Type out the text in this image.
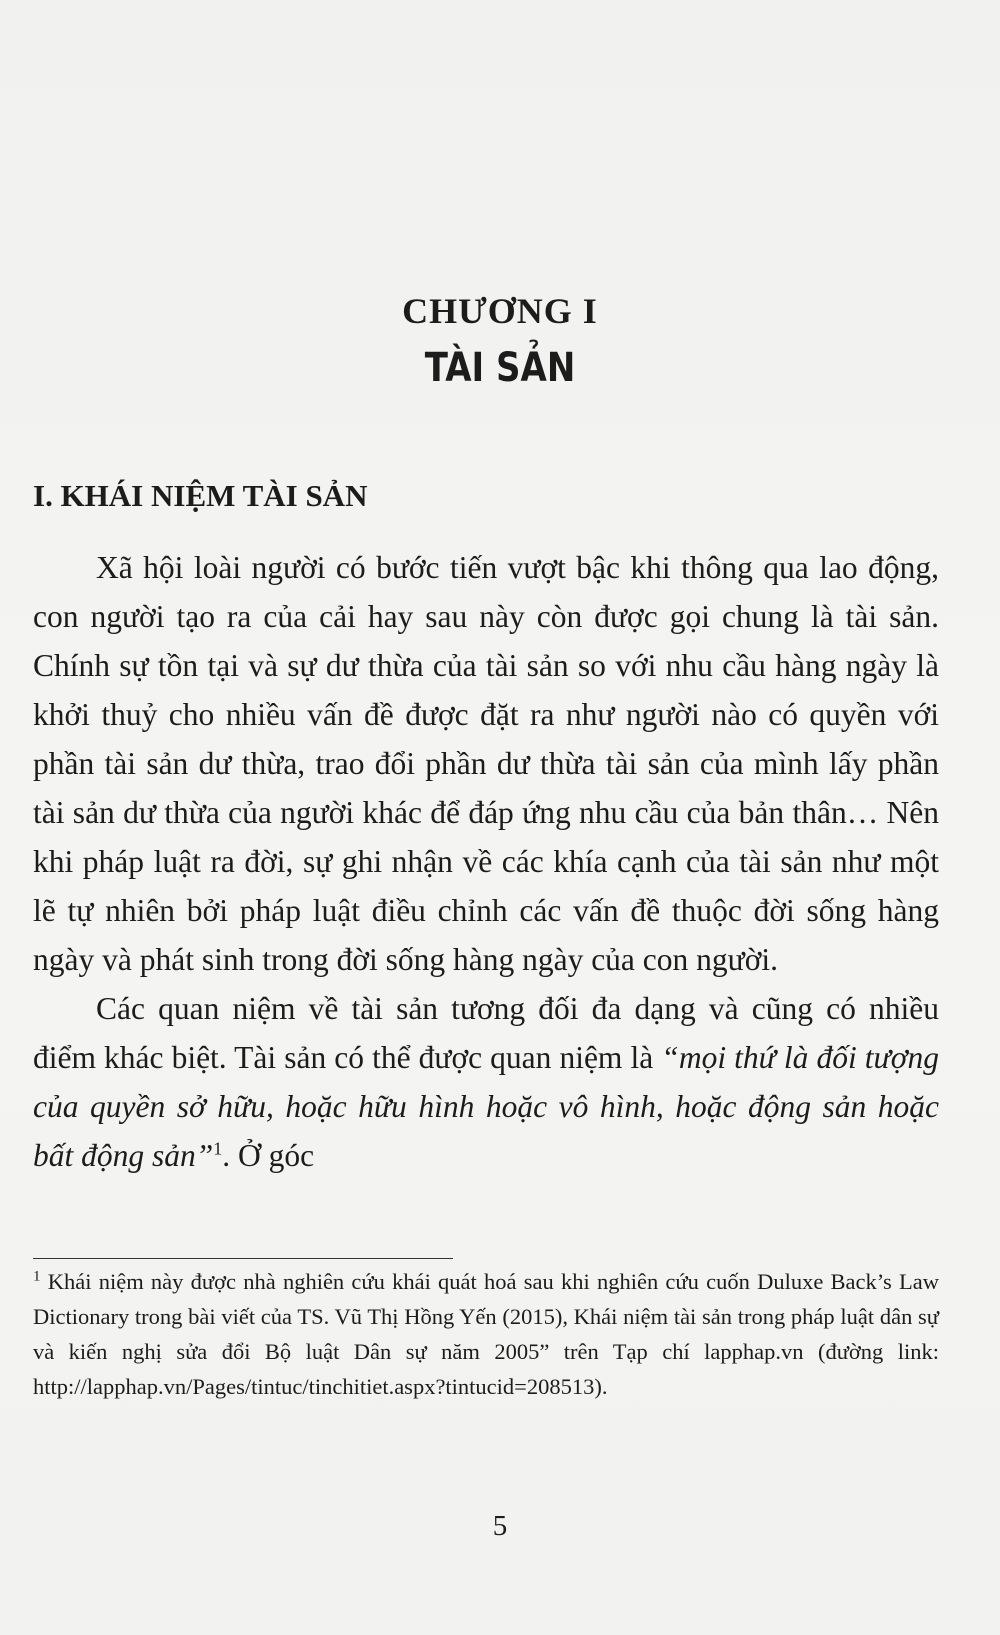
CHƯƠNG I
TÀI SẢN
I. KHÁI NIỆM TÀI SẢN

Xã hội loài người có bước tiến vượt bậc khi thông qua lao động, con người tạo ra của cải hay sau này còn được gọi chung là tài sản. Chính sự tồn tại và sự dư thừa của tài sản so với nhu cầu hàng ngày là khởi thuỷ cho nhiều vấn đề được đặt ra như người nào có quyền với phần tài sản dư thừa, trao đổi phần dư thừa tài sản của mình lấy phần tài sản dư thừa của người khác để đáp ứng nhu cầu của bản thân… Nên khi pháp luật ra đời, sự ghi nhận về các khía cạnh của tài sản như một lẽ tự nhiên bởi pháp luật điều chỉnh các vấn đề thuộc đời sống hàng ngày và phát sinh trong đời sống hàng ngày của con người.

Các quan niệm về tài sản tương đối đa dạng và cũng có nhiều điểm khác biệt. Tài sản có thể được quan niệm là “mọi thứ là đối tượng của quyền sở hữu, hoặc hữu hình hoặc vô hình, hoặc động sản hoặc bất động sản”$^1$. Ở góc

$^1$ Khái niệm này được nhà nghiên cứu khái quát hoá sau khi nghiên cứu cuốn Duluxe Back’s Law Dictionary trong bài viết của TS. Vũ Thị Hồng Yến (2015), Khái niệm tài sản trong pháp luật dân sự và kiến nghị sửa đổi Bộ luật Dân sự năm 2005” trên Tạp chí lapphap.vn (đường link: http://lapphap.vn/Pages/tintuc/tinchitiet.aspx?tintucid=208513).
5
